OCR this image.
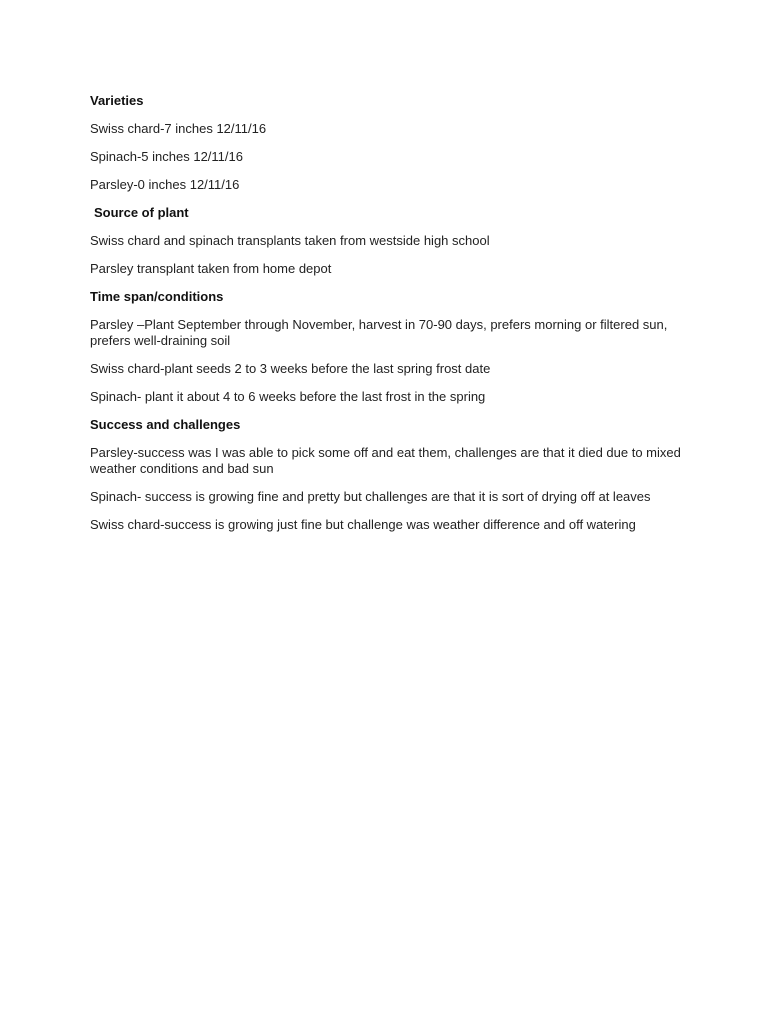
Varieties
Swiss chard-7 inches 12/11/16
Spinach-5 inches 12/11/16
Parsley-0 inches 12/11/16
Source of plant
Swiss chard and spinach transplants taken from westside high school
Parsley transplant taken from home depot
Time span/conditions
Parsley –Plant September through November, harvest in 70-90 days, prefers morning or filtered sun, prefers well-draining soil
Swiss chard-plant seeds 2 to 3 weeks before the last spring frost date
Spinach- plant it about 4 to 6 weeks before the last frost in the spring
Success and challenges
Parsley-success was I was able to pick some off and eat them, challenges are that it died due to mixed weather conditions and bad sun
Spinach- success is growing fine and pretty but challenges are that it is sort of drying off at leaves
Swiss chard-success is growing just fine but challenge was weather difference and off watering
